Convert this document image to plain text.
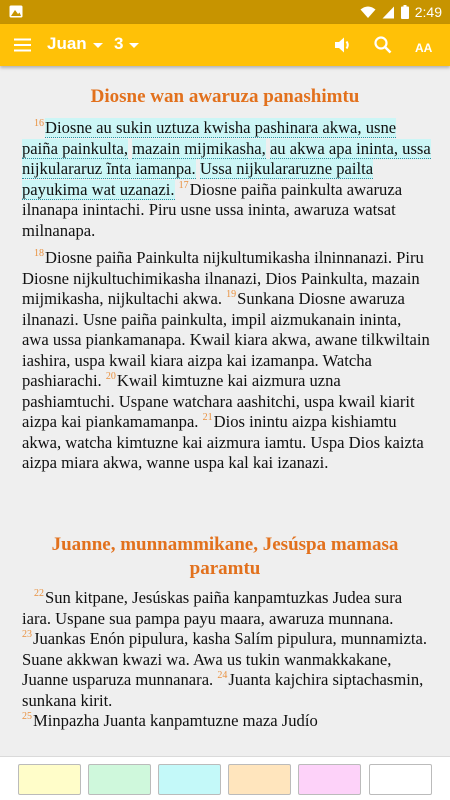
2:49
Juan 3	AA
Diosne wan awaruza panashimtu

$^{16}$Diosne au sukin uztuza kwisha pashinara akwa, usne paiña painkulta, mazain mijmikasha, au akwa apa ininta, ussa nijkulararuz ĩnta iamanpa. Ussa nijkulararuzne pailta payukima wat uzanazi. $^{17}$Diosne paiña painkulta awaruza ilnanapa inintachi. Piru usne ussa ininta, awaruza watsat milnanapa.

$^{18}$Diosne paiña Painkulta nijkultumikasha ilninnanazi. Piru Diosne nijkultuchimikasha ilnanazi, Dios Painkulta, mazain mijmikasha, nijkultachi akwa. $^{19}$Sunkana Diosne awaruza ilnanazi. Usne paiña painkulta, impil aizmukanain ininta, awa ussa piankamanapa. Kwail kiara akwa, awane tilkwiltain iashira, uspa kwail kiara aizpa kai izamanpa. Watcha pashiarachi. $^{20}$Kwail kimtuzne kai aizmura uzna pashiamtuchi. Uspane watchara aashitchi, uspa kwail kiarit aizpa kai piankamamanpa. $^{21}$Dios inintu aizpa kishiamtu akwa, watcha kimtuzne kai aizmura iamtu. Uspa Dios kaizta aizpa miara akwa, wanne uspa kal kai izanazi.

Juanne, munnammikane, Jesúspa mamasa paramtu

$^{22}$Sun kitpane, Jesúskas paiña kanpamtuzkas Judea sura iara. Uspane sua pampa payu maara, awaruza munnana. $^{23}$Juankas Enón pipulura, kasha Salím pipulura, munnamizta. Suane akkwan kwazi wa. Awa us tukin wanmakkakane, Juanne usparuza munnanara. $^{24}$Juanta kajchira siptachasmin, sunkana kirit.
$^{25}$Minpazha Juanta kanpamtuzne maza Judío
